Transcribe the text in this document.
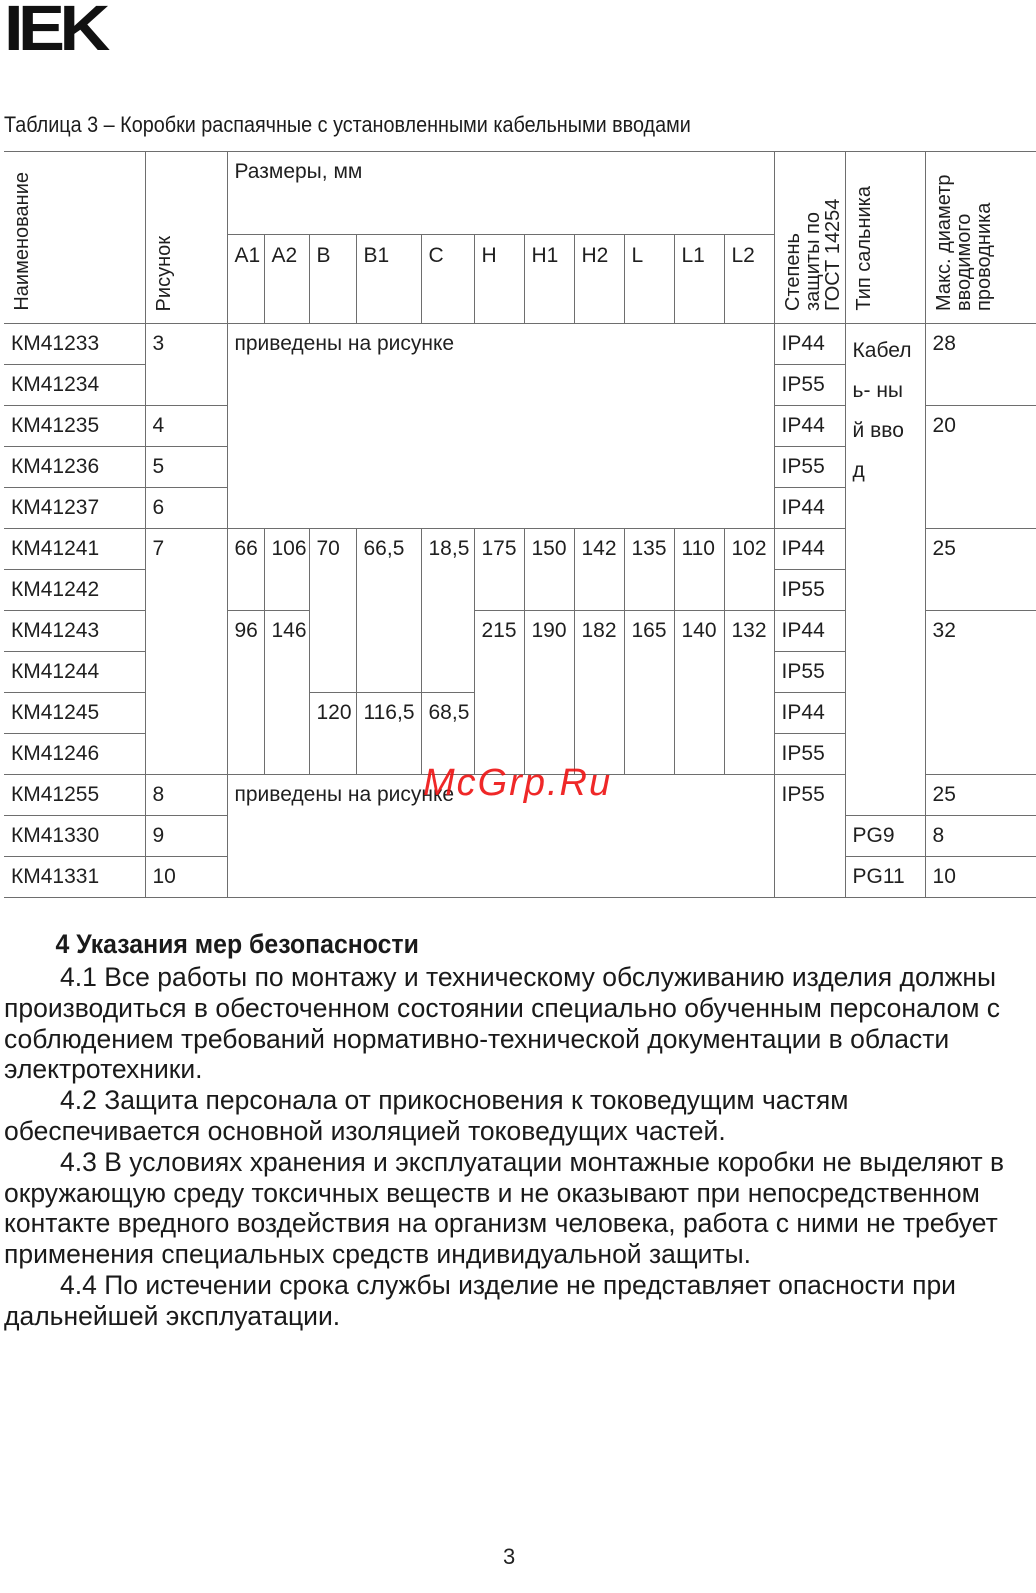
IEK
Таблица 3 – Коробки распаячные с установленными кабельными вводами
Наименование	Рисунок	Размеры, мм											Степень защиты по ГОСТ 14254	Тип сальника	Макс. диаметр вводимого проводника
		A1	A2	B	B1	C	H	H1	H2	L	L1	L2			
КМ41233	3	приведены на рисунке											IP44	Кабель- ный ввод	28
КМ41234													IP55		
КМ41235	4												IP44		20
КМ41236	5												IP55		
КМ41237	6												IP44		
КМ41241	7	66	106	70	66,5	18,5	175	150	142	135	110	102	IP44		25
КМ41242													IP55		
КМ41243		96	146				215	190	182	165	140	132	IP44		32
КМ41244													IP55		
КМ41245				120	116,5	68,5							IP44		
КМ41246													IP55		
КМ41255	8	приведены на рисунке											IP55		25
КМ41330	9													PG9	8
КМ41331	10													PG11	10
McGrp.Ru
4 Указания мер безопасности

4.1 Все работы по монтажу и техническому обслуживанию изделия должны производиться в обесточенном состоянии специально обученным персоналом с соблюдением требований нормативно-технической документации в области электротехники.

4.2 Защита персонала от прикосновения к токоведущим частям обеспечивается основной изоляцией токоведущих частей.

4.3 В условиях хранения и эксплуатации монтажные коробки не выделяют в окружающую среду токсичных веществ и не оказывают при непосредственном контакте вредного воздействия на организм человека, работа с ними не требует применения специальных средств индивидуальной защиты.

4.4 По истечении срока службы изделие не представляет опасности при дальнейшей эксплуатации.

3
